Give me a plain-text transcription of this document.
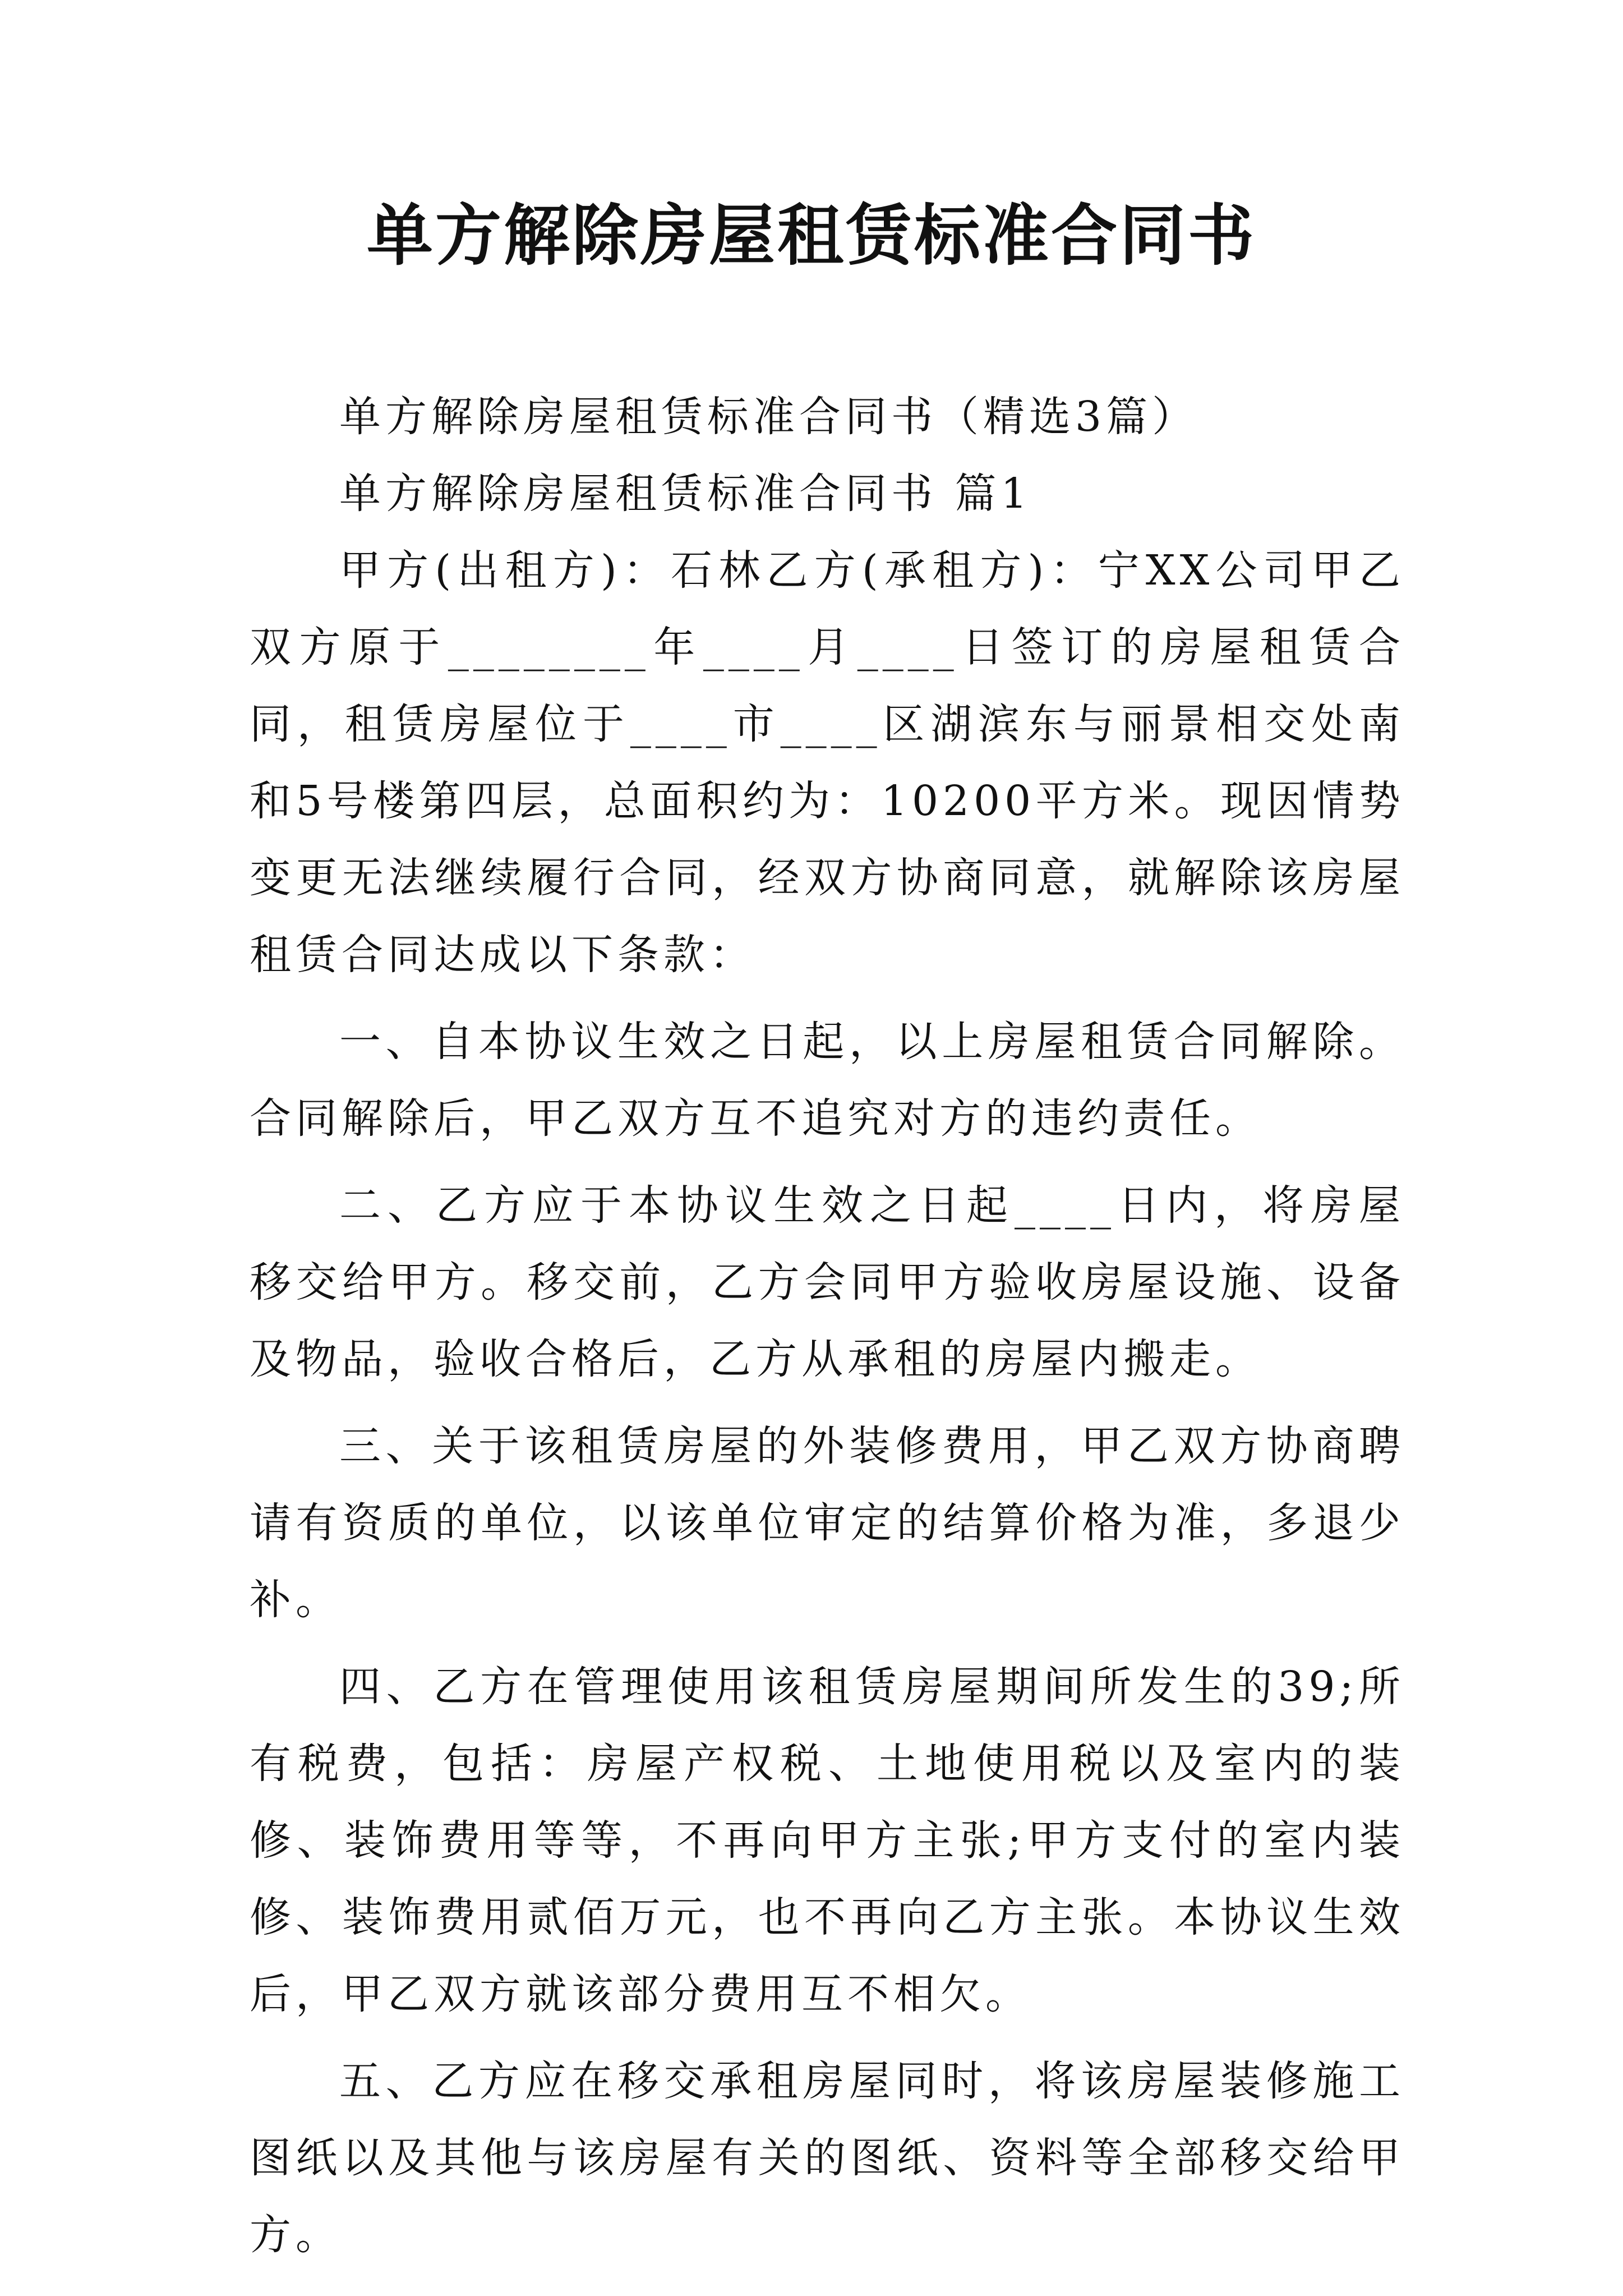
单方解除房屋租赁标准合同书

单方解除房屋租赁标准合同书（精选3篇）

单方解除房屋租赁标准合同书 篇1

甲方(出租方)：石林乙方(承租方)：宁XX公司甲乙双方原于________年____月____日签订的房屋租赁合同，租赁房屋位于____市____区湖滨东与丽景相交处南和5号楼第四层，总面积约为：10200平方米。现因情势变更无法继续履行合同，经双方协商同意，就解除该房屋租赁合同达成以下条款：

一、自本协议生效之日起，以上房屋租赁合同解除。合同解除后，甲乙双方互不追究对方的违约责任。

二、乙方应于本协议生效之日起____日内，将房屋移交给甲方。移交前，乙方会同甲方验收房屋设施、设备及物品，验收合格后，乙方从承租的房屋内搬走。

三、关于该租赁房屋的外装修费用，甲乙双方协商聘请有资质的单位，以该单位审定的结算价格为准，多退少补。

四、乙方在管理使用该租赁房屋期间所发生的39;所有税费，包括：房屋产权税、土地使用税以及室内的装修、装饰费用等等，不再向甲方主张;甲方支付的室内装修、装饰费用贰佰万元，也不再向乙方主张。本协议生效后，甲乙双方就该部分费用互不相欠。

五、乙方应在移交承租房屋同时，将该房屋装修施工图纸以及其他与该房屋有关的图纸、资料等全部移交给甲方。
